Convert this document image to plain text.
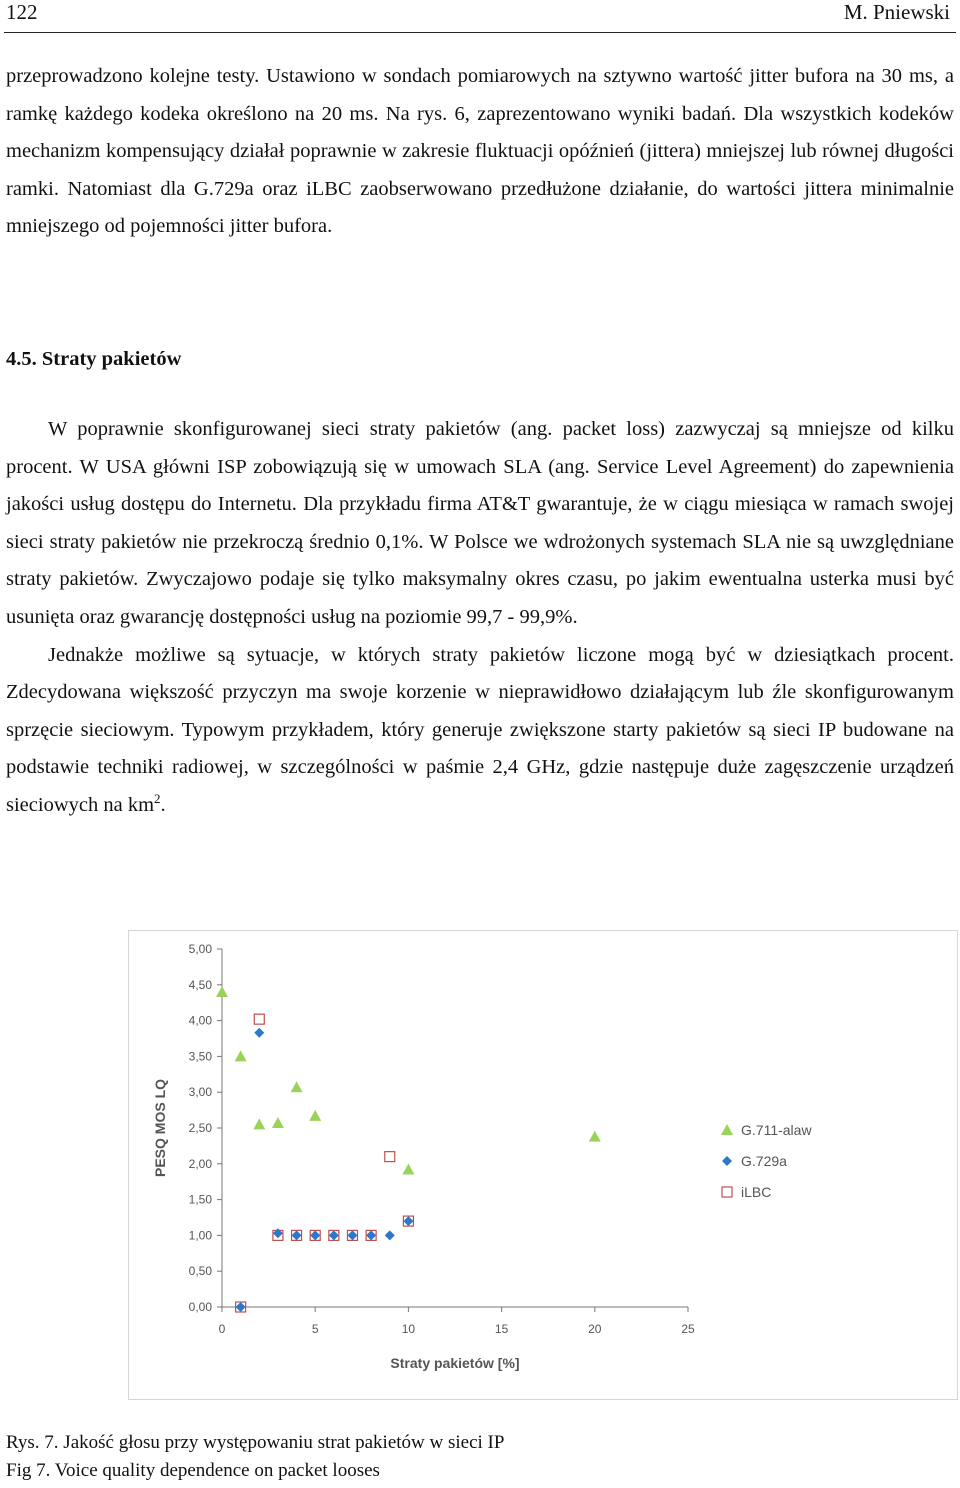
122	M. Pniewski

przeprowadzono kolejne testy. Ustawiono w sondach pomiarowych na sztywno wartość jitter bufora na 30 ms, a ramkę każdego kodeka określono na 20 ms. Na rys. 6, zaprezentowano wyniki badań. Dla wszystkich kodeków mechanizm kompensujący działał poprawnie w zakresie fluktuacji opóźnień (jittera) mniejszej lub równej długości ramki. Natomiast dla G.729a oraz iLBC zaobserwowano przedłużone działanie, do wartości jittera minimalnie mniejszego od pojemności jitter bufora.

4.5. Straty pakietów

W poprawnie skonfigurowanej sieci straty pakietów (ang. packet loss) zazwyczaj są mniejsze od kilku procent. W USA główni ISP zobowiązują się w umowach SLA (ang. Service Level Agreement) do zapewnienia jakości usług dostępu do Internetu. Dla przykładu firma AT&T gwarantuje, że w ciągu miesiąca w ramach swojej sieci straty pakietów nie przekroczą średnio 0,1%. W Polsce we wdrożonych systemach SLA nie są uwzględniane straty pakietów. Zwyczajowo podaje się tylko maksymalny okres czasu, po jakim ewentualna usterka musi być usunięta oraz gwarancję dostępności usług na poziomie 99,7 - 99,9%.

Jednakże możliwe są sytuacje, w których straty pakietów liczone mogą być w dziesiątkach procent. Zdecydowana większość przyczyn ma swoje korzenie w nieprawidłowo działającym lub źle skonfigurowanym sprzęcie sieciowym. Typowym przykładem, który generuje zwiększone starty pakietów są sieci IP budowane na podstawie techniki radiowej, w szczególności w paśmie 2,4 GHz, gdzie następuje duże zagęszczenie urządzeń sieciowych na $km^2$.

0,00
0,50
1,00
1,50
2,00
2,50
3,00
3,50
4,00
4,50
5,00
0	5	10	15	20	25
Straty pakietów [%]
PESQ MOS LQ	G.711-alaw
G.729a
iLBC
Rys. 7. Jakość głosu przy występowaniu strat pakietów w sieci IP
Fig 7. Voice quality dependence on packet looses
